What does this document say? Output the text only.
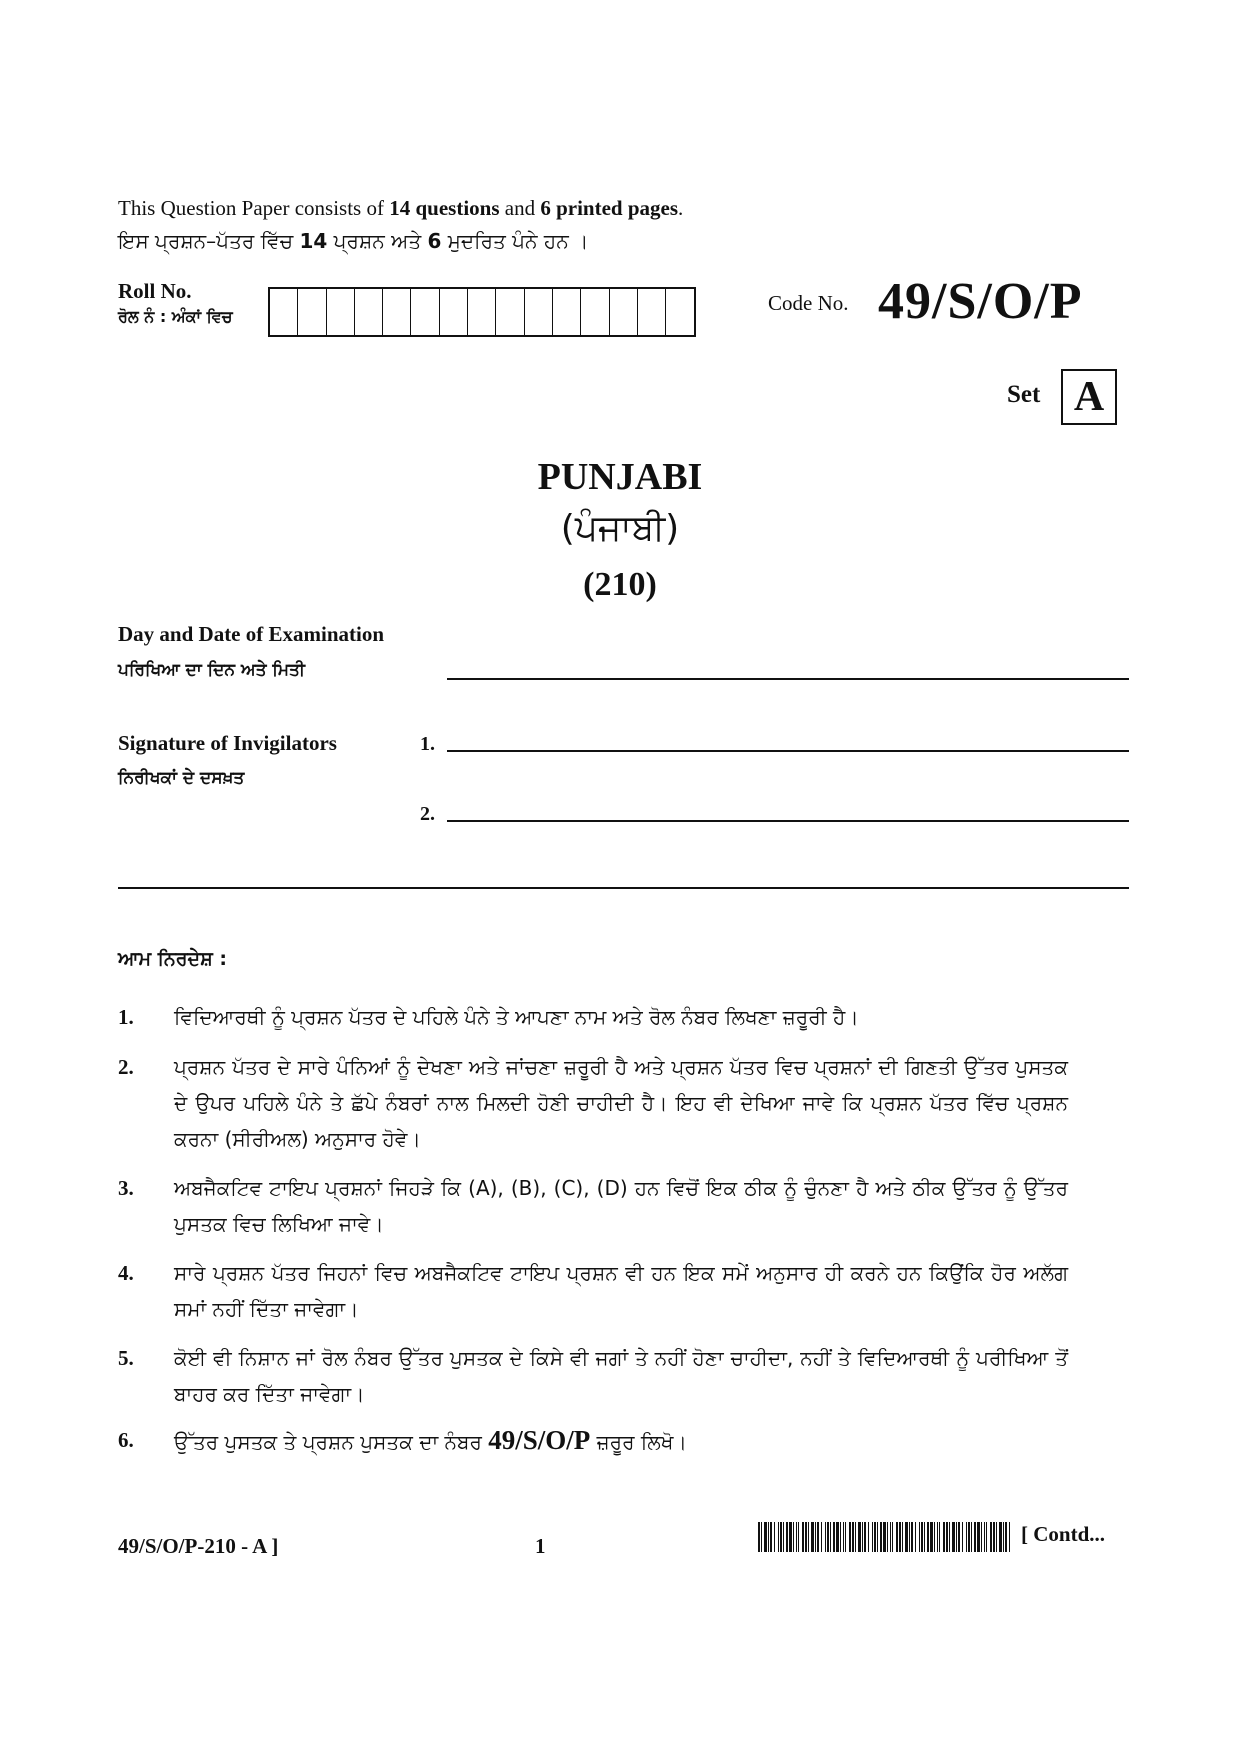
This Question Paper consists of 14 questions and 6 printed pages.
ਇਸ ਪ੍ਰਸ਼ਨ–ਪੱਤਰ ਵਿੱਚ 14 ਪ੍ਰਸ਼ਨ ਅਤੇ 6 ਮੁਦਰਿਤ ਪੰਨੇ ਹਨ ।
Roll No.
ਰੋਲ ਨੰ : ਅੰਕਾਂ ਵਿਚ
Code No. 49/S/O/P
Set A
PUNJABI
(ਪੰਜਾਬੀ)
(210)
Day and Date of Examination
ਪਰਿਖਿਆ ਦਾ ਦਿਨ ਅਤੇ ਮਿਤੀ
Signature of Invigilators
ਨਿਰੀਖਕਾਂ ਦੇ ਦਸਖ਼ਤ
1.
2.
ਆਮ ਨਿਰਦੇਸ਼ :
1. ਵਿਦਿਆਰਥੀ ਨੂੰ ਪ੍ਰਸ਼ਨ ਪੱਤਰ ਦੇ ਪਹਿਲੇ ਪੰਨੇ ਤੇ ਆਪਣਾ ਨਾਮ ਅਤੇ ਰੋਲ ਨੰਬਰ ਲਿਖਣਾ ਜ਼ਰੂਰੀ ਹੈ।
2. ਪ੍ਰਸ਼ਨ ਪੱਤਰ ਦੇ ਸਾਰੇ ਪੰਨਿਆਂ ਨੂੰ ਦੇਖਣਾ ਅਤੇ ਜਾਂਚਣਾ ਜ਼ਰੂਰੀ ਹੈ ਅਤੇ ਪ੍ਰਸ਼ਨ ਪੱਤਰ ਵਿਚ ਪ੍ਰਸ਼ਨਾਂ ਦੀ ਗਿਣਤੀ ਉੱਤਰ ਪੁਸਤਕ ਦੇ ਉਪਰ ਪਹਿਲੇ ਪੰਨੇ ਤੇ ਛੱਪੇ ਨੰਬਰਾਂ ਨਾਲ ਮਿਲਦੀ ਹੋਣੀ ਚਾਹੀਦੀ ਹੈ। ਇਹ ਵੀ ਦੇਖਿਆ ਜਾਵੇ ਕਿ ਪ੍ਰਸ਼ਨ ਪੱਤਰ ਵਿੱਚ ਪ੍ਰਸ਼ਨ ਕਰਨਾ (ਸੀਰੀਅਲ) ਅਨੁਸਾਰ ਹੋਵੇ।
3. ਅਬਜੈਕਟਿਵ ਟਾਇਪ ਪ੍ਰਸ਼ਨਾਂ ਜਿਹੜੇ ਕਿ (A), (B), (C), (D) ਹਨ ਵਿਚੋਂ ਇਕ ਠੀਕ ਨੂੰ ਚੁੰਨਣਾ ਹੈ ਅਤੇ ਠੀਕ ਉੱਤਰ ਨੂੰ ਉੱਤਰ ਪੁਸਤਕ ਵਿਚ ਲਿਖਿਆ ਜਾਵੇ।
4. ਸਾਰੇ ਪ੍ਰਸ਼ਨ ਪੱਤਰ ਜਿਹਨਾਂ ਵਿਚ ਅਬਜੈਕਟਿਵ ਟਾਇਪ ਪ੍ਰਸ਼ਨ ਵੀ ਹਨ ਇਕ ਸਮੇਂ ਅਨੁਸਾਰ ਹੀ ਕਰਨੇ ਹਨ ਕਿਉਂਕਿ ਹੋਰ ਅਲੱਗ ਸਮਾਂ ਨਹੀਂ ਦਿੱਤਾ ਜਾਵੇਗਾ।
5. ਕੋਈ ਵੀ ਨਿਸ਼ਾਨ ਜਾਂ ਰੋਲ ਨੰਬਰ ਉੱਤਰ ਪੁਸਤਕ ਦੇ ਕਿਸੇ ਵੀ ਜਗਾਂ ਤੇ ਨਹੀਂ ਹੋਣਾ ਚਾਹੀਦਾ, ਨਹੀਂ ਤੇ ਵਿਦਿਆਰਥੀ ਨੂੰ ਪਰੀਖਿਆ ਤੋਂ ਬਾਹਰ ਕਰ ਦਿੱਤਾ ਜਾਵੇਗਾ।
6. ਉੱਤਰ ਪੁਸਤਕ ਤੇ ਪ੍ਰਸ਼ਨ ਪੁਸਤਕ ਦਾ ਨੰਬਰ 49/S/O/P ਜ਼ਰੂਰ ਲਿਖੋ।
49/S/O/P-210 - A ]	1	[ Contd...
